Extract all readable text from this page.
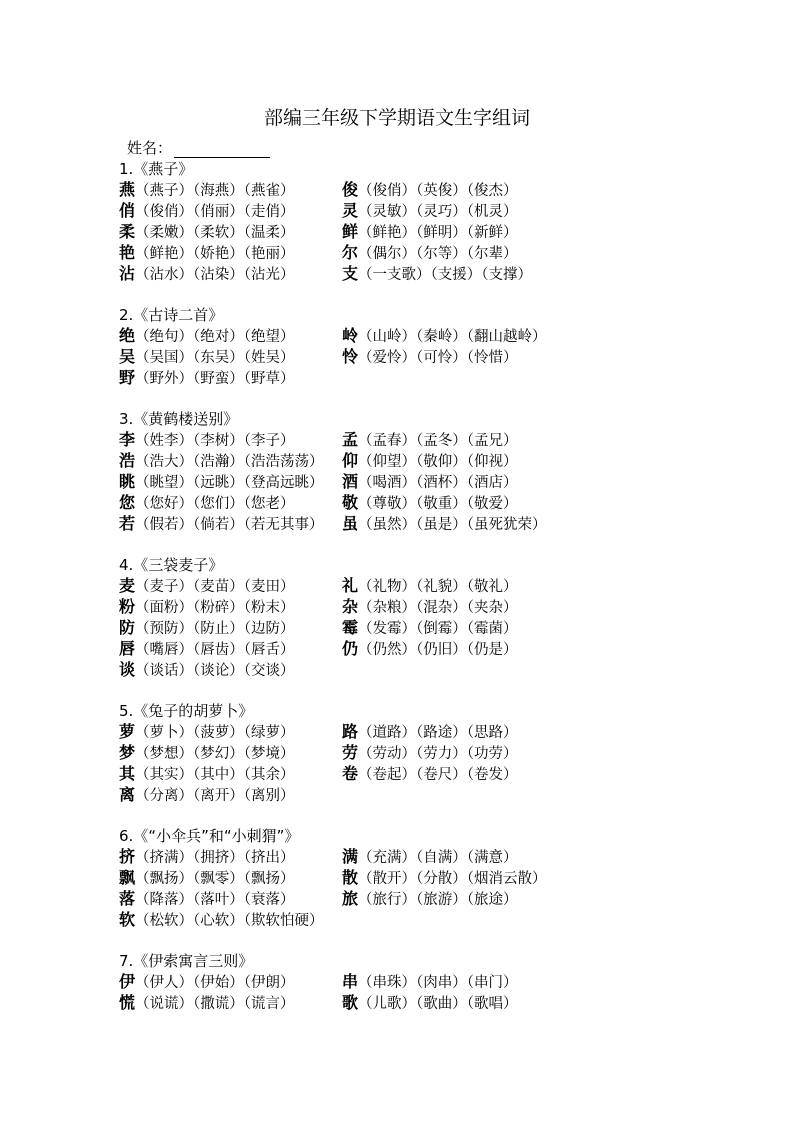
部编三年级下学期语文生字组词
姓名：
1.《燕子》
燕（燕子）（海燕）（燕雀）	俊（俊俏）（英俊）（俊杰）
俏（俊俏）（俏丽）（走俏）	灵（灵敏）（灵巧）（机灵）
柔（柔嫩）（柔软）（温柔）	鲜（鲜艳）（鲜明）（新鲜）
艳（鲜艳）（娇艳）（艳丽）	尔（偶尔）（尔等）（尔辈）
沾（沾水）（沾染）（沾光）	支（一支歌）（支援）（支撑）
2.《古诗二首》
绝（绝句）（绝对）（绝望）	岭（山岭）（秦岭）（翻山越岭）
吴（吴国）（东吴）（姓吴）	怜（爱怜）（可怜）（怜惜）
野（野外）（野蛮）（野草）
3.《黄鹤楼送别》
李（姓李）（李树）（李子）	孟（孟春）（孟冬）（孟兄）
浩（浩大）（浩瀚）（浩浩荡荡） 仰（仰望）（敬仰）（仰视）
眺（眺望）（远眺）（登高远眺） 酒（喝酒）（酒杯）（酒店）
您（您好）（您们）（您老）	敬（尊敬）（敬重）（敬爱）
若（假若）（倘若）（若无其事） 虽（虽然）（虽是）（虽死犹荣）
4.《三袋麦子》
麦（麦子）（麦苗）（麦田）	礼（礼物）（礼貌）（敬礼）
粉（面粉）（粉碎）（粉末）	杂（杂粮）（混杂）（夹杂）
防（预防）（防止）（边防）	霉（发霉）（倒霉）（霉菌）
唇（嘴唇）（唇齿）（唇舌）	仍（仍然）（仍旧）（仍是）
谈（谈话）（谈论）（交谈）
5.《兔子的胡萝卜》
萝（萝卜）（菠萝）（绿萝）	路（道路）（路途）（思路）
梦（梦想）（梦幻）（梦境）	劳（劳动）（劳力）（功劳）
其（其实）（其中）（其余）	卷（卷起）（卷尺）（卷发）
离（分离）（离开）（离别）
6.《“小伞兵”和“小刺猬”》
挤（挤满）（拥挤）（挤出）	满（充满）（自满）（满意）
飘（飘扬）（飘零）（飘扬）	散（散开）（分散）（烟消云散）
落（降落）（落叶）（衰落）	旅（旅行）（旅游）（旅途）
软（松软）（心软）（欺软怕硬）
7.《伊索寓言三则》
伊（伊人）（伊始）（伊朗）	串（串珠）（肉串）（串门）
慌（说谎）（撒谎）（谎言）	歌（儿歌）（歌曲）（歌唱）
